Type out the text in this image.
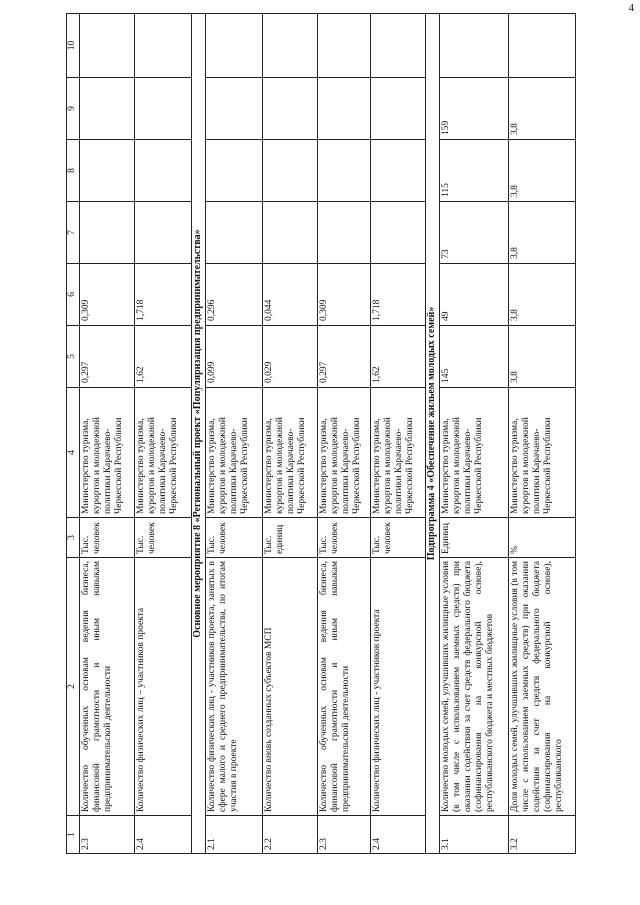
4
1	2	3	4	5	6	7	8	9	10
2.3	Количество обученных основам ведения бизнеса, финансовой грамотности и иным навыкам предпринимательской деятельности	Тыс. человек	Министерство туризма, курортов и молодежной политики Карачаево-Черкесской Республики	0,297	0,309				
2.4	Количество физических лиц – участников проекта	Тыс. человек	Министерство туризма, курортов и молодежной политики Карачаево-Черкесской Республики	1,62	1,718				
Основное мероприятие 8 «Региональный проект «Популяризация предпринимательства»									
2.1	Количество физических лиц - участников проекта, занятых в сфере малого и среднего предпринимательства, по итогам участия в проекте	Тыс. человек	Министерство туризма, курортов и молодежной политики Карачаево-Черкесской Республики	0,099	0,296				
2.2	Количество вновь созданных субъектов МСП	Тыс. единиц	Министерство туризма, курортов и молодежной политики Карачаево-Черкесской Республики	0,029	0,044				
2.3	Количество обученных основам ведения бизнеса, финансовой грамотности и иным навыкам предпринимательской деятельности	Тыс. человек	Министерство туризма, курортов и молодежной политики Карачаево-Черкесской Республики	0,297	0,309				
2.4	Количество физических лиц - участников проекта	Тыс. человек	Министерство туризма, курортов и молодежной политики Карачаево-Черкесской Республики	1,62	1,718				
Подпрограмма 4 «Обеспечение жильем молодых семей»									
3.1	Количество молодых семей, улучшивших жилищные условия (в том числе с использованием заемных средств) при оказании содействия за счет средств федерального бюджета (софинансирования на конкурсной основе), республиканского бюджета и местных бюджетов	Единиц	Министерство туризма, курортов и молодежной политики Карачаево-Черкесской Республики	145	49	73	115	159	
3.2	Доля молодых семей, улучшивших жилищные условия (в том числе с использованием заемных средств) при оказании содействия за счет средств федерального бюджета (софинансирования на конкурсной основе), республиканского	%	Министерство туризма, курортов и молодежной политики Карачаево-Черкесской Республики	3,8	3,8	3,8	3,8	3,8	
